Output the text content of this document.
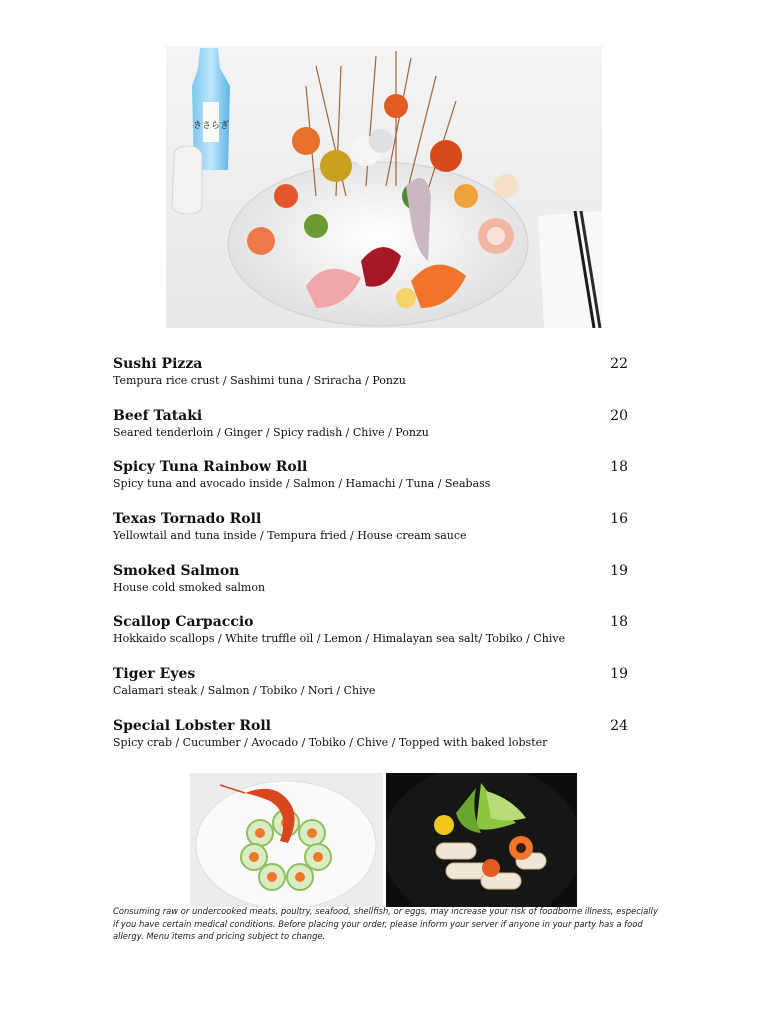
きさらぎ
Sushi Pizza	22
Tempura rice crust / Sashimi tuna / Sriracha / Ponzu
Beef Tataki	20
Seared tenderloin / Ginger / Spicy radish / Chive / Ponzu
Spicy Tuna Rainbow Roll	18
Spicy tuna and avocado inside / Salmon / Hamachi / Tuna / Seabass
Texas Tornado Roll	16
Yellowtail and tuna inside / Tempura fried / House cream sauce
Smoked Salmon	19
House cold smoked salmon
Scallop Carpaccio	18
Hokkaido scallops / White truffle oil / Lemon / Himalayan sea salt/ Tobiko / Chive
Tiger Eyes	19
Calamari steak / Salmon / Tobiko / Nori / Chive
Special Lobster Roll	24
Spicy crab / Cucumber / Avocado / Tobiko / Chive / Topped with baked lobster
Consuming raw or undercooked meats, poultry, seafood, shellfish, or eggs, may increase your risk of foodborne illness, especially if you have certain medical conditions. Before placing your order, please inform your server if anyone in your party has a food allergy. Menu items and pricing subject to change.
